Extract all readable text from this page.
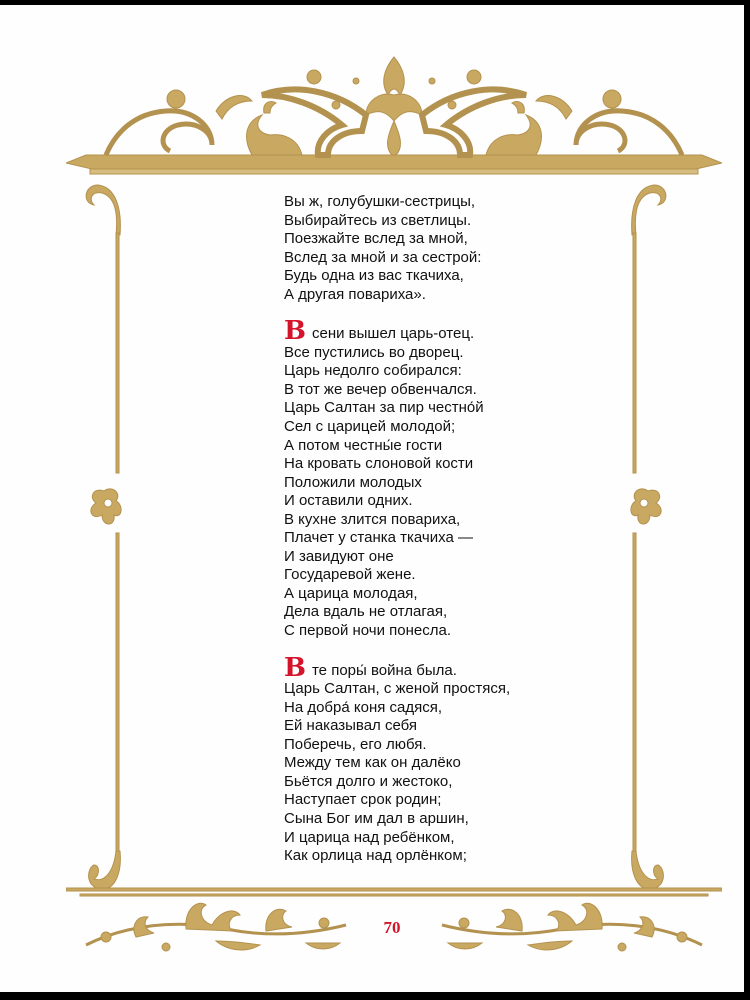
Вы ж, голубушки-сестрицы,
Выбирайтесь из светлицы.
Поезжайте вслед за мной,
Вслед за мной и за сестрой:
Будь одна из вас ткачиха,
А другая повариха».
Всени вышел царь-отец.
Все пустились во дворец.
Царь недолго собирался:
В тот же вечер обвенчался.
Царь Салтан за пир честно́й
Сел с царицей молодой;
А потом честны́е гости
На кровать слоновой кости
Положили молодых
И оставили одних.
В кухне злится повариха,
Плачет у станка ткачиха —
И завидуют оне
Государевой жене.
А царица молодая,
Дела вдаль не отлагая,
С первой ночи понесла.
Вте поры́ война была.
Царь Салтан, с женой простяся,
На добра́ коня садяся,
Ей наказывал себя
Поберечь, его любя.
Между тем как он далёко
Бьётся долго и жестоко,
Наступает срок родин;
Сына Бог им дал в аршин,
И царица над ребёнком,
Как орлица над орлёнком;
70
